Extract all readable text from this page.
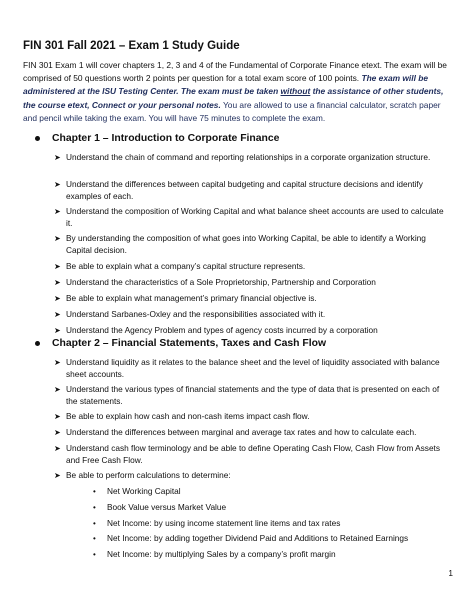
FIN 301 Fall 2021 – Exam 1 Study Guide
FIN 301 Exam 1 will cover chapters 1, 2, 3 and 4 of the Fundamental of Corporate Finance etext. The exam will be comprised of 50 questions worth 2 points per question for a total exam score of 100 points. The exam will be administered at the ISU Testing Center. The exam must be taken without the assistance of other students, the course etext, Connect or your personal notes. You are allowed to use a financial calculator, scratch paper and pencil while taking the exam. You will have 75 minutes to complete the exam.
Chapter 1 – Introduction to Corporate Finance
➤ Understand the chain of command and reporting relationships in a corporate organization structure.
➤ Understand the differences between capital budgeting and capital structure decisions and identify examples of each.
➤ Understand the composition of Working Capital and what balance sheet accounts are used to calculate it.
➤ By understanding the composition of what goes into Working Capital, be able to identify a Working Capital decision.
➤ Be able to explain what a company’s capital structure represents.
➤ Understand the characteristics of a Sole Proprietorship, Partnership and Corporation
➤ Be able to explain what management’s primary financial objective is.
➤ Understand Sarbanes-Oxley and the responsibilities associated with it.
➤ Understand the Agency Problem and types of agency costs incurred by a corporation
Chapter 2 – Financial Statements, Taxes and Cash Flow
➤ Understand liquidity as it relates to the balance sheet and the level of liquidity associated with balance sheet accounts.
➤ Understand the various types of financial statements and the type of data that is presented on each of the statements.
➤ Be able to explain how cash and non-cash items impact cash flow.
➤ Understand the differences between marginal and average tax rates and how to calculate each.
➤ Understand cash flow terminology and be able to define Operating Cash Flow, Cash Flow from Assets and Free Cash Flow.
➤ Be able to perform calculations to determine:
• Net Working Capital
• Book Value versus Market Value
• Net Income: by using income statement line items and tax rates
• Net Income: by adding together Dividend Paid and Additions to Retained Earnings
• Net Income: by multiplying Sales by a company’s profit margin
1
